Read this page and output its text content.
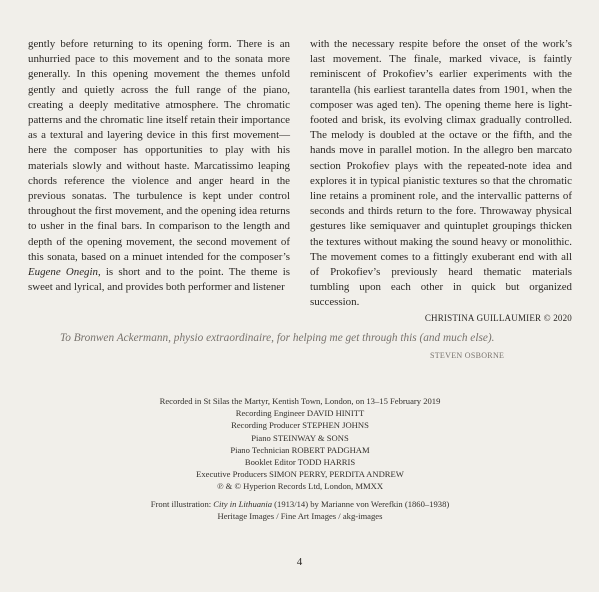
gently before returning to its opening form. There is an unhurried pace to this movement and to the sonata more generally. In this opening movement the themes unfold gently and quietly across the full range of the piano, creating a deeply meditative atmosphere. The chromatic patterns and the chromatic line itself retain their importance as a textural and layering device in this first movement—here the composer has opportunities to play with his materials slowly and without haste. Marcatissimo leaping chords reference the violence and anger heard in the previous sonatas. The turbulence is kept under control throughout the first movement, and the opening idea returns to usher in the final bars. In comparison to the length and depth of the opening movement, the second movement of this sonata, based on a minuet intended for the composer’s Eugene Onegin, is short and to the point. The theme is sweet and lyrical, and provides both performer and listener

with the necessary respite before the onset of the work’s last movement. The finale, marked vivace, is faintly reminiscent of Prokofiev’s earlier experiments with the tarantella (his earliest tarantella dates from 1901, when the composer was aged ten). The opening theme here is light-footed and brisk, its evolving climax gradually controlled. The melody is doubled at the octave or the fifth, and the hands move in parallel motion. In the allegro ben marcato section Prokofiev plays with the repeated-note idea and explores it in typical pianistic textures so that the chromatic line retains a prominent role, and the intervallic patterns of seconds and thirds return to the fore. Throwaway physical gestures like semiquaver and quintuplet groupings thicken the textures without making the sound heavy or monolithic. The movement comes to a fittingly exuberant end with all of Prokofiev’s previously heard thematic materials tumbling upon each other in quick but organized succession.

CHRISTINA GUILLAUMIER © 2020
To Bronwen Ackermann, physio extraordinaire, for helping me get through this (and much else).
STEVEN OSBORNE
Recorded in St Silas the Martyr, Kentish Town, London, on 13–15 February 2019
Recording Engineer DAVID HINITT
Recording Producer STEPHEN JOHNS
Piano STEINWAY & SONS
Piano Technician ROBERT PADGHAM
Booklet Editor TODD HARRIS
Executive Producers SIMON PERRY, PERDITA ANDREW
℗ & © Hyperion Records Ltd, London, MMXX
Front illustration: City in Lithuania (1913/14) by Marianne von Werefkin (1860–1938)
Heritage Images / Fine Art Images / akg-images
4
